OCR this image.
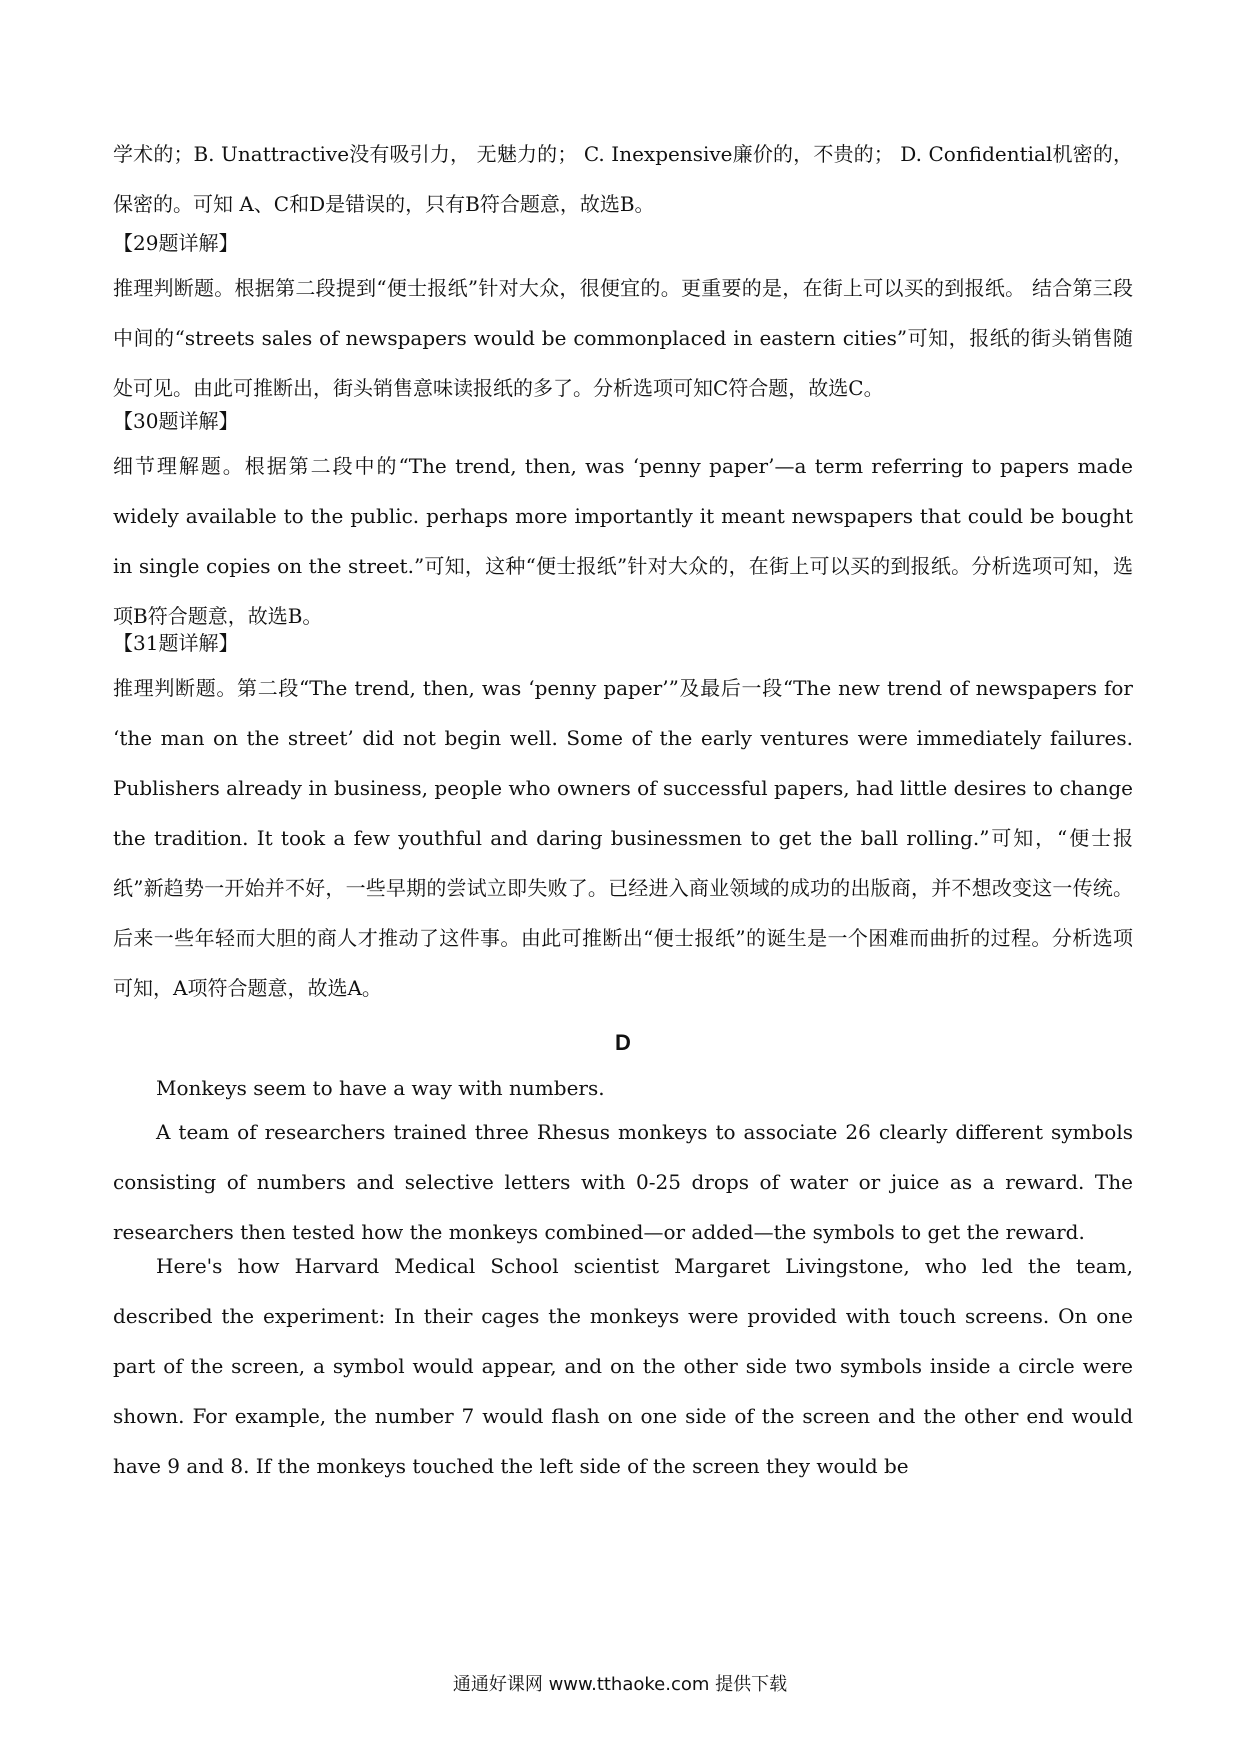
学术的；B. Unattractive没有吸引力， 无魅力的； C. Inexpensive廉价的，不贵的； D. Confidential机密的，保密的。可知 A、C和D是错误的，只有B符合题意，故选B。

【29题详解】

推理判断题。根据第二段提到“便士报纸”针对大众，很便宜的。更重要的是，在街上可以买的到报纸。 结合第三段中间的“streets sales of newspapers would be commonplaced in eastern cities”可知，报纸的街头销售随处可见。由此可推断出，街头销售意味读报纸的多了。分析选项可知C符合题，故选C。

【30题详解】

细节理解题。根据第二段中的“The trend, then, was ‘penny paper’—a term referring to papers made widely available to the public. perhaps more importantly it meant newspapers that could be bought in single copies on the street.”可知，这种“便士报纸”针对大众的，在街上可以买的到报纸。分析选项可知，选项B符合题意，故选B。

【31题详解】

推理判断题。第二段“The trend, then, was ‘penny paper’”及最后一段“The new trend of newspapers for ‘the man on the street’ did not begin well. Some of the early ventures were immediately failures. Publishers already in business, people who owners of successful papers, had little desires to change the tradition. It took a few youthful and daring businessmen to get the ball rolling.”可知，“便士报纸”新趋势一开始并不好，一些早期的尝试立即失败了。已经进入商业领域的成功的出版商，并不想改变这一传统。后来一些年轻而大胆的商人才推动了这件事。由此可推断出“便士报纸”的诞生是一个困难而曲折的过程。分析选项可知，A项符合题意，故选A。

D

Monkeys seem to have a way with numbers.

A team of researchers trained three Rhesus monkeys to associate 26 clearly different symbols consisting of numbers and selective letters with 0-25 drops of water or juice as a reward. The researchers then tested how the monkeys combined—or added—the symbols to get the reward.

Here's how Harvard Medical School scientist Margaret Livingstone, who led the team, described the experiment: In their cages the monkeys were provided with touch screens. On one part of the screen, a symbol would appear, and on the other side two symbols inside a circle were shown. For example, the number 7 would flash on one side of the screen and the other end would have 9 and 8. If the monkeys touched the left side of the screen they would be

通通好课网 www.tthaoke.com 提供下载
